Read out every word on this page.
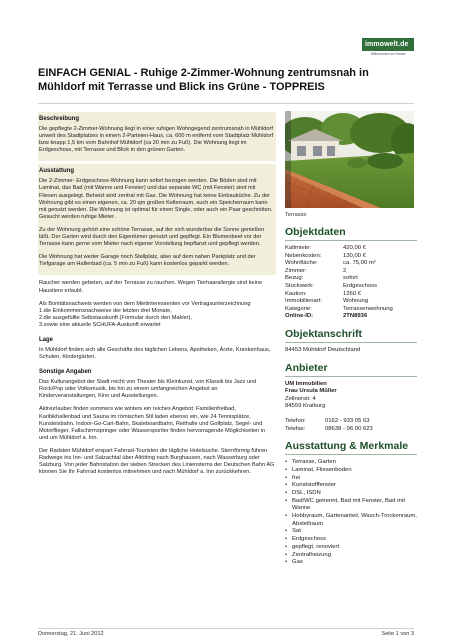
immowelt.de
Willkommen zu Hause
EINFACH GENIAL - Ruhige 2-Zimmer-Wohnung zentrumsnah in Mühldorf mit Terrasse und Blick ins Grüne - TOPPREIS
Beschreibung
Die gepflegte 2-Zimmer-Wohnung liegt in einer ruhigen Wohngegend zentrumsnah in Mühldorf unweit des Stadtplatzes in einem 2-Parteien-Haus, ca. 600 m entfernt vom Stadtplatz Mühldorf bzw knapp 1,5 km vom Bahnhof Mühldorf (ca 20 min zu Fuß). Die Wohnung liegt im Erdgeschoss, mit Terrasse und Blick in den grünen Garten.
Ausstattung
Die 2-Zimmer- Erdgeschoss-Wohnung kann sofort bezogen werden. Die Böden sind mit Laminat, das Bad (mit Wanne und Fenster) und das separate WC (mit Fenster) sind mit Fliesen ausgelegt. Beheizt wird zentral mit Gas. Die Wohnung hat keine Einbauküche. Zu der Wohnung gibt es einen eigenen, ca. 20 qm großen Kellerraum, auch ein Speicherraum kann mit genutzt werden. Die Wohnung ist optimal für einen Single, oder auch ein Paar geschnitten. Gesucht werden ruhige Mieter.
Zu der Wohnung gehört eine schöne Terrasse, auf der sich wunderbar die Sonne genießen läßt. Der Garten wird durch den Eigentümer genutzt und gepflegt. Ein Blumenbeet vor der Terrasse kann gerne vom Mieter nach eigener Vorstellung bepflanzt und gepflegt werden.
Die Wohnung hat weder Garage noch Stellplatz, aber auf dem nahen Parkplatz und der Tiefgarage am Hallenbad (ca. 5 min zu Fuß) kann kostenlos geparkt werden.
Raucher werden gebeten, auf der Terrasse zu rauchen. Wegen Tierhaarallergie sind keine Haustiere erlaubt.
Als Bonitätsnachweis werden von dem Mietinteressenten vor Vertragsunterzeichnung
1.die Einkommensnachweise der letzten drei Monate,
2.die ausgefüllte Selbstauskunft (Formular durch den Makler),
3.sowie eine aktuelle SCHUFA-Auskunft erwartet
Lage
In Mühldorf finden sich alle Geschäfte des täglichen Lebens, Apotheken, Ärzte, Krankenhaus, Schulen, Kindergärten.
Sonstige Angaben
Das Kulturangebot der Stadt reicht von Theater bis Kleinkunst, von Klassik bis Jazz und Rock/Pop oder Volksmusik, bis hin zu einem umfangreichen Angebot an Kinderveranstaltungen, Kino und Ausstellungen.
Aktivurlauber finden sommers wie winters ein reiches Angebot: Familienfreibad, Karibikhallenbad und Sauna im römischen Stil laden ebenso ein, wie 24 Tennisplätze, Kunsteisbahn, Indoor-Go-Cart-Bahn, Skateboardbahn, Reithalle und Golfplatz, Segel- und Motorflieger, Fallschirmspringer oder Wassersportler finden hervorragende Möglichkeiten in und um Mühldorf a. Inn.
Der Radsten Mühldorf erspart Fahrrad-Touristen die tägliche Hotelsuche. Sternförmig führen Radwege ins Inn- und Salzachtal über Altötting nach Burghausen, nach Wasserburg oder Salzburg. Von jeder Bahnstation der sieben Strecken des Liniensterns der Deutschen Bahn AG können Sie Ihr Fahrrad kostenlos mitnehmen und nach Mühldorf a. Inn zurückkehren.
Terrasse
Objektdaten
Kaltmiete:	420,00 €
Nebenkosten:	130,00 €
Wohnfläche:	ca. 75,00 m²
Zimmer:	2
Bezug:	sofort
Stockwerk:	Erdgeschoss
Kaution:	1260 €
Immobilienart:	Wohnung
Kategorie:	Terrassenwohnung
Online-ID:	2TN8936
Objektanschrift
84453 Mühldorf Deutschland
Anbieter
UM Immobilien
Frau Ursula Müller
Zellnerstr. 4
84559 Kraiburg
Telefon:	0162 - 933 05 63
Telefax:	08638 - 96 00 623
Ausstattung & Merkmale
• Terrasse, Garten
• Laminat, Fliesenboden
• frei
• Kunststofffenster
• DSL, ISDN
• Bad/WC getrennt, Bad mit Fenster, Bad mit Wanne
• Hobbyraum, Gartenanteil, Wasch-Trockenraum, Abstellraum
• Sat
• Erdgeschoss
• gepflegt, renoviert
• Zentralheizung
• Gas
Donnerstag, 21. Juni 2012	Seite 1 von 3
